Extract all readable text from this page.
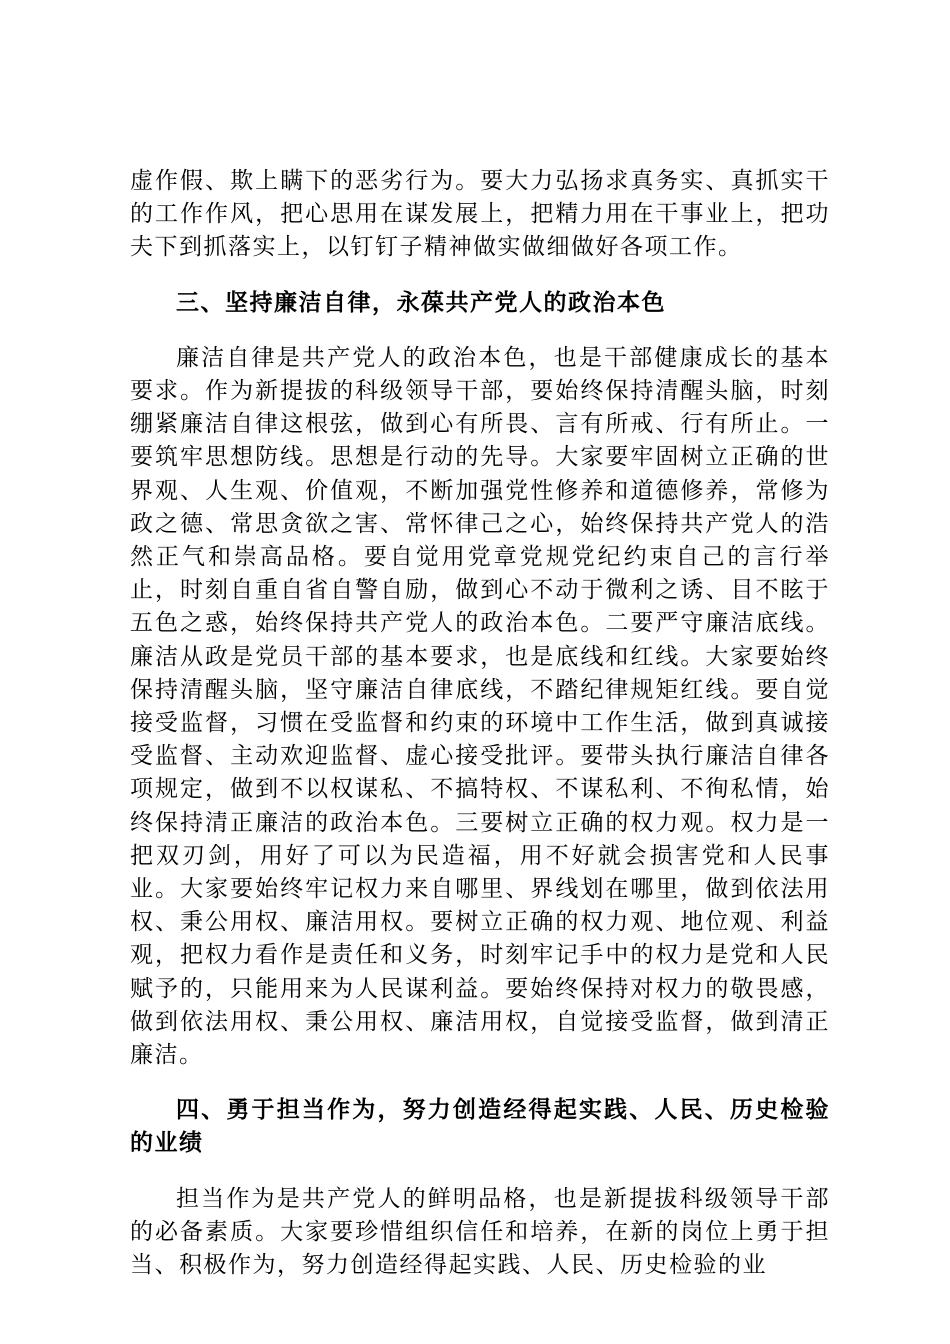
虚作假、欺上瞒下的恶劣行为。要大力弘扬求真务实、真抓实干的工作作风，把心思用在谋发展上，把精力用在干事业上，把功夫下到抓落实上，以钉钉子精神做实做细做好各项工作。

三、坚持廉洁自律，永葆共产党人的政治本色

廉洁自律是共产党人的政治本色，也是干部健康成长的基本要求。作为新提拔的科级领导干部，要始终保持清醒头脑，时刻绷紧廉洁自律这根弦，做到心有所畏、言有所戒、行有所止。一要筑牢思想防线。思想是行动的先导。大家要牢固树立正确的世界观、人生观、价值观，不断加强党性修养和道德修养，常修为政之德、常思贪欲之害、常怀律己之心，始终保持共产党人的浩然正气和崇高品格。要自觉用党章党规党纪约束自己的言行举止，时刻自重自省自警自励，做到心不动于微利之诱、目不眩于五色之惑，始终保持共产党人的政治本色。二要严守廉洁底线。廉洁从政是党员干部的基本要求，也是底线和红线。大家要始终保持清醒头脑，坚守廉洁自律底线，不踏纪律规矩红线。要自觉接受监督，习惯在受监督和约束的环境中工作生活，做到真诚接受监督、主动欢迎监督、虚心接受批评。要带头执行廉洁自律各项规定，做到不以权谋私、不搞特权、不谋私利、不徇私情，始终保持清正廉洁的政治本色。三要树立正确的权力观。权力是一把双刃剑，用好了可以为民造福，用不好就会损害党和人民事业。大家要始终牢记权力来自哪里、界线划在哪里，做到依法用权、秉公用权、廉洁用权。要树立正确的权力观、地位观、利益观，把权力看作是责任和义务，时刻牢记手中的权力是党和人民赋予的，只能用来为人民谋利益。要始终保持对权力的敬畏感，做到依法用权、秉公用权、廉洁用权，自觉接受监督，做到清正廉洁。

四、勇于担当作为，努力创造经得起实践、人民、历史检验的业绩

担当作为是共产党人的鲜明品格，也是新提拔科级领导干部的必备素质。大家要珍惜组织信任和培养，在新的岗位上勇于担当、积极作为，努力创造经得起实践、人民、历史检验的业
